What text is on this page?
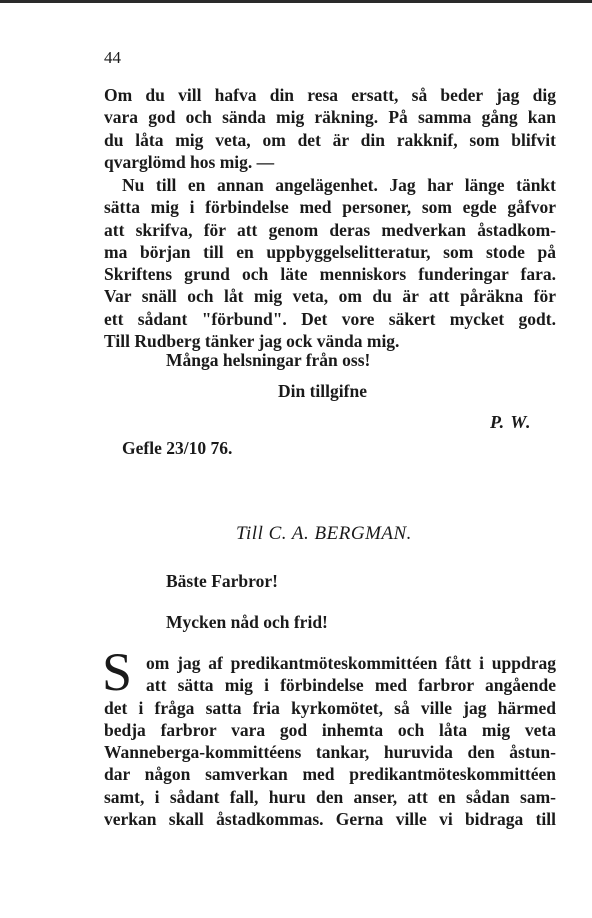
44
Om du vill hafva din resa ersatt, så beder jag dig
vara god och sända mig räkning. På samma gång kan
du låta mig veta, om det är din rakknif, som blifvit
qvarglömd hos mig. —
Nu till en annan angelägenhet. Jag har länge tänkt
sätta mig i förbindelse med personer, som egde gåfvor
att skrifva, för att genom deras medverkan åstadkom-
ma början till en uppbyggelselitteratur, som stode på
Skriftens grund och läte menniskors funderingar fara.
Var snäll och låt mig veta, om du är att påräkna för
ett sådant "förbund". Det vore säkert mycket godt.
Till Rudberg tänker jag ock vända mig.
Många helsningar från oss!
Din tillgifne
P. W.
Gefle 23/10 76.
Till C. A. BERGMAN.
Bäste Farbror!
Mycken nåd och frid!
S om jag af predikantmöteskommittéen fått i uppdrag
att sätta mig i förbindelse med farbror angående
det i fråga satta fria kyrkomötet, så ville jag härmed
bedja farbror vara god inhemta och låta mig veta
Wanneberga-kommittéens tankar, huruvida den åstun-
dar någon samverkan med predikantmöteskommittéen
samt, i sådant fall, huru den anser, att en sådan sam-
verkan skall åstadkommas. Gerna ville vi bidraga till
